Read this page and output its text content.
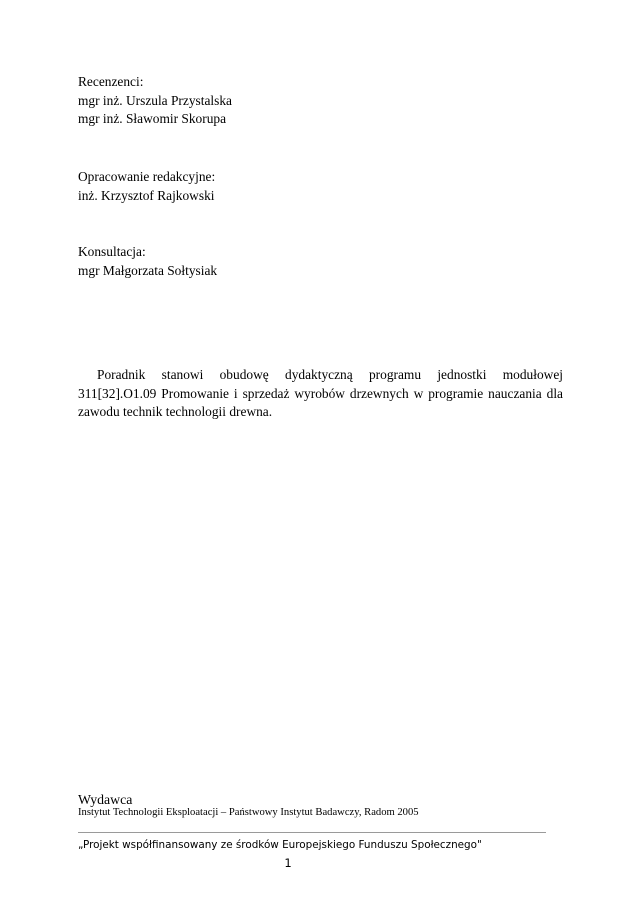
Recenzenci:
mgr inż. Urszula Przystalska
mgr inż. Sławomir Skorupa
Opracowanie redakcyjne:
inż. Krzysztof Rajkowski
Konsultacja:
mgr Małgorzata Sołtysiak

Poradnik stanowi obudowę dydaktyczną programu jednostki modułowej 311[32].O1.09 Promowanie i sprzedaż wyrobów drzewnych w programie nauczania dla zawodu technik technologii drewna.

Wydawca
Instytut Technologii Eksploatacji – Państwowy Instytut Badawczy, Radom 2005
„Projekt współfinansowany ze środków Europejskiego Funduszu Społecznego"
1
